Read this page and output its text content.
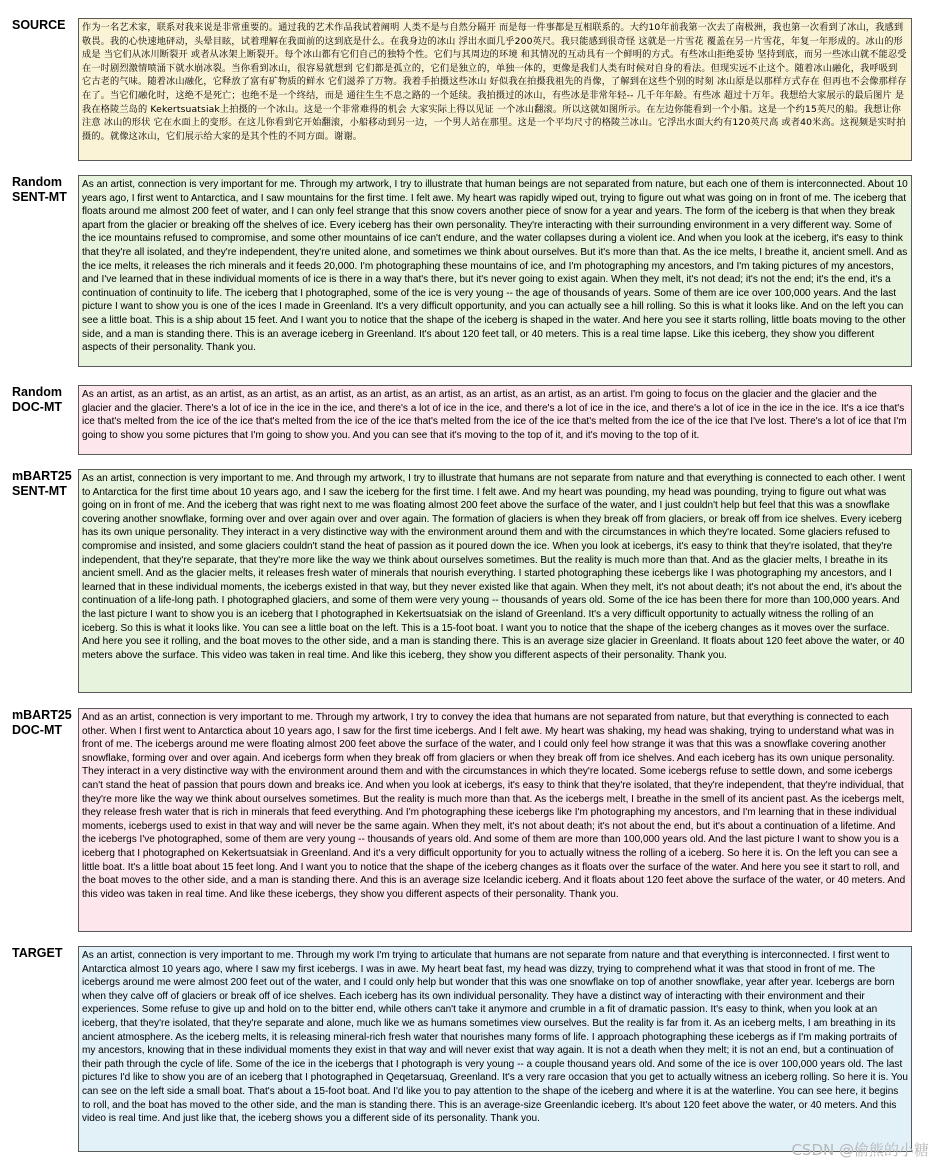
SOURCE	作为一名艺术家，联系对我来说是非常重要的。通过我的艺术作品我试着阐明 人类不是与自然分隔开 而是每一件事都是互相联系的。大约10年前我第一次去了南极洲，我也第一次看到了冰山，我感到敬畏。我的心快速地砰动，头晕目眩，试着理解在我面前的这到底是什么。在我身边的冰山 浮出水面几乎200英尺。我只能感到很奇怪 这就是一片雪花 覆盖在另一片雪花，年复一年形成的。冰山的形成是 当它们从冰川断裂开 或者从冰架上断裂开。每个冰山都有它们自己的独特个性。它们与其周边的环境 和其情况的互动具有一个鲜明的方式。有些冰山拒绝妥协 坚持到底，而另一些冰山就不能忍受 在一时剧烈激情喷涌下就水崩冰裂。当你看到冰山，很容易就想到 它们都是孤立的，它们是独立的，单独一体的，更像是我们人类有时候对自身的看法。但现实远不止这个。随着冰山融化，我呼吸到 它古老的气味。随着冰山融化，它释放了富有矿物质的鲜水 它们滋养了万物。我着手拍摄这些冰山 好似我在拍摄我祖先的肖像，了解到在这些个别的时刻 冰山原是以那样方式存在 但再也不会像那样存在了。当它们融化时，这绝不是死亡；也绝不是一个终结，而是 通往生生不息之路的一个延续。我拍摄过的冰山，有些冰是非常年轻-- 几千年年龄。有些冰 超过十万年。我想给大家展示的最后图片 是我在格陵兰岛的 Kekertsuatsiak上拍摄的一个冰山。这是一个非常难得的机会 大家实际上得以见证 一个冰山翻滚。所以这就如图所示。在左边你能看到一个小船。这是一个约15英尺的船。我想让你注意 冰山的形状 它在水面上的变形。在这儿你看到它开始翻滚，小船移动到另一边，一个男人站在那里。这是一个平均尺寸的格陵兰冰山。它浮出水面大约有120英尺高 或者40米高。这视频是实时拍摄的。就像这冰山，它们展示给大家的是其个性的不同方面。谢谢。
Random
SENT-MT
As an artist, connection is very important for me. Through my artwork, I try to illustrate that human beings are not separated from nature, but each one of them is interconnected. About 10 years ago, I first went to Antarctica, and I saw mountains for the first time. I felt awe. My heart was rapidly wiped out, trying to figure out what was going on in front of me. The iceberg that floats around me almost 200 feet of water, and I can only feel strange that this snow covers another piece of snow for a year and years. The form of the iceberg is that when they break apart from the glacier or breaking off the shelves of ice. Every iceberg has their own personality. They're interacting with their surrounding environment in a very different way. Some of the ice mountains refused to compromise, and some other mountains of ice can't endure, and the water collapses during a violent ice. And when you look at the iceberg, it's easy to think that they're all isolated, and they're independent, they're united alone, and sometimes we think about ourselves. But it's more than that. As the ice melts, I breathe it, ancient smell. And as the ice melts, it releases the rich minerals and it feeds 20,000. I'm photographing these mountains of ice, and I'm photographing my ancestors, and I'm taking pictures of my ancestors, and I've learned that in these individual moments of ice is there in a way that's there, but it's never going to exist again. When they melt, it's not dead; it's not the end; it's the end, it's a continuation of continuity to life. The iceberg that I photographed, some of the ice is very young -- the age of thousands of years. Some of them are ice over 100,000 years. And the last picture I want to show you is one of the ices I made in Greenland. It's a very difficult opportunity, and you can actually see a hill rolling. So this is what it looks like. And on the left you can see a little boat. This is a ship about 15 feet. And I want you to notice that the shape of the iceberg is shaped in the water. And here you see it starts rolling, little boats moving to the other side, and a man is standing there. This is an average iceberg in Greenland. It's about 120 feet tall, or 40 meters. This is a real time lapse. Like this iceberg, they show you different aspects of their personality. Thank you.
Random
DOC-MT
As an artist, as an artist, as an artist, as an artist, as an artist, as an artist, as an artist, as an artist, as an artist, as an artist. I'm going to focus on the glacier and the glacier and the glacier and the glacier. There's a lot of ice in the ice in the ice, and there's a lot of ice in the ice, and there's a lot of ice in the ice, and there's a lot of ice in the ice in the ice. It's a ice that's ice that's melted from the ice of the ice that's melted from the ice of the ice that's melted from the ice of the ice that's melted from the ice of the ice that I've lost. There's a lot of ice that I'm going to show you some pictures that I'm going to show you. And you can see that it's moving to the top of it, and it's moving to the top of it.
mBART25
SENT-MT
As an artist, connection is very important to me. And through my artwork, I try to illustrate that humans are not separate from nature and that everything is connected to each other. I went to Antarctica for the first time about 10 years ago, and I saw the iceberg for the first time. I felt awe. And my heart was pounding, my head was pounding, trying to figure out what was going on in front of me. And the iceberg that was right next to me was floating almost 200 feet above the surface of the water, and I just couldn't help but feel that this was a snowflake covering another snowflake, forming over and over again over and over again. The formation of glaciers is when they break off from glaciers, or break off from ice shelves. Every iceberg has its own unique personality. They interact in a very distinctive way with the environment around them and with the circumstances in which they're located. Some glaciers refused to compromise and insisted, and some glaciers couldn't stand the heat of passion as it poured down the ice. When you look at icebergs, it's easy to think that they're isolated, that they're independent, that they're separate, that they're more like the way we think about ourselves sometimes. But the reality is much more than that. And as the glacier melts, I breathe in its ancient smell. And as the glacier melts, it releases fresh water of minerals that nourish everything. I started photographing these icebergs like I was photographing my ancestors, and I learned that in these individual moments, the icebergs existed in that way, but they never existed like that again. When they melt, it's not about death; it's not about the end, it's about the continuation of a life-long path. I photographed glaciers, and some of them were very young -- thousands of years old. Some of the ice has been there for more than 100,000 years. And the last picture I want to show you is an iceberg that I photographed in Kekertsuatsiak on the island of Greenland. It's a very difficult opportunity to actually witness the rolling of an iceberg. So this is what it looks like. You can see a little boat on the left. This is a 15-foot boat. I want you to notice that the shape of the iceberg changes as it moves over the surface. And here you see it rolling, and the boat moves to the other side, and a man is standing there. This is an average size glacier in Greenland. It floats about 120 feet above the water, or 40 meters above the surface. This video was taken in real time. And like this iceberg, they show you different aspects of their personality. Thank you.
mBART25
DOC-MT
And as an artist, connection is very important to me. Through my artwork, I try to convey the idea that humans are not separated from nature, but that everything is connected to each other. When I first went to Antarctica about 10 years ago, I saw for the first time icebergs. And I felt awe. My heart was shaking, my head was shaking, trying to understand what was in front of me. The icebergs around me were floating almost 200 feet above the surface of the water, and I could only feel how strange it was that this was a snowflake covering another snowflake, forming over and over again. And icebergs form when they break off from glaciers or when they break off from ice shelves. And each iceberg has its own unique personality. They interact in a very distinctive way with the environment around them and with the circumstances in which they're located. Some icebergs refuse to settle down, and some icebergs can't stand the heat of passion that pours down and breaks ice. And when you look at icebergs, it's easy to think that they're isolated, that they're independent, that they're individual, that they're more like the way we think about ourselves sometimes. But the reality is much more than that. As the icebergs melt, I breathe in the smell of its ancient past. As the icebergs melt, they release fresh water that is rich in minerals that feed everything. And I'm photographing these icebergs like I'm photographing my ancestors, and I'm learning that in these individual moments, icebergs used to exist in that way and will never be the same again. When they melt, it's not about death; it's not about the end, but it's about a continuation of a lifetime. And the icebergs I've photographed, some of them are very young -- thousands of years old. And some of them are more than 100,000 years old. And the last picture I want to show you is a iceberg that I photographed on Kekertsuatsiak in Greenland. And it's a very difficult opportunity for you to actually witness the rolling of a iceberg. So here it is. On the left you can see a little boat. It's a little boat about 15 feet long. And I want you to notice that the shape of the iceberg changes as it floats over the surface of the water. And here you see it start to roll, and the boat moves to the other side, and a man is standing there. And this is an average size Icelandic iceberg. And it floats about 120 feet above the surface of the water, or 40 meters. And this video was taken in real time. And like these icebergs, they show you different aspects of their personality. Thank you.
TARGET	As an artist, connection is very important to me. Through my work I'm trying to articulate that humans are not separate from nature and that everything is interconnected. I first went to Antarctica almost 10 years ago, where I saw my first icebergs. I was in awe. My heart beat fast, my head was dizzy, trying to comprehend what it was that stood in front of me. The icebergs around me were almost 200 feet out of the water, and I could only help but wonder that this was one snowflake on top of another snowflake, year after year. Icebergs are born when they calve off of glaciers or break off of ice shelves. Each iceberg has its own individual personality. They have a distinct way of interacting with their environment and their experiences. Some refuse to give up and hold on to the bitter end, while others can't take it anymore and crumble in a fit of dramatic passion. It's easy to think, when you look at an iceberg, that they're isolated, that they're separate and alone, much like we as humans sometimes view ourselves. But the reality is far from it. As an iceberg melts, I am breathing in its ancient atmosphere. As the iceberg melts, it is releasing mineral-rich fresh water that nourishes many forms of life. I approach photographing these icebergs as if I'm making portraits of my ancestors, knowing that in these individual moments they exist in that way and will never exist that way again. It is not a death when they melt; it is not an end, but a continuation of their path through the cycle of life. Some of the ice in the icebergs that I photograph is very young -- a couple thousand years old. And some of the ice is over 100,000 years old. The last pictures I'd like to show you are of an iceberg that I photographed in Qeqetarsuaq, Greenland. It's a very rare occasion that you get to actually witness an iceberg rolling. So here it is. You can see on the left side a small boat. That's about a 15-foot boat. And I'd like you to pay attention to the shape of the iceberg and where it is at the waterline. You can see here, it begins to roll, and the boat has moved to the other side, and the man is standing there. This is an average-size Greenlandic iceberg. It's about 120 feet above the water, or 40 meters. And this video is real time. And just like that, the iceberg shows you a different side of its personality. Thank you.
CSDN @偷熊的小糖
